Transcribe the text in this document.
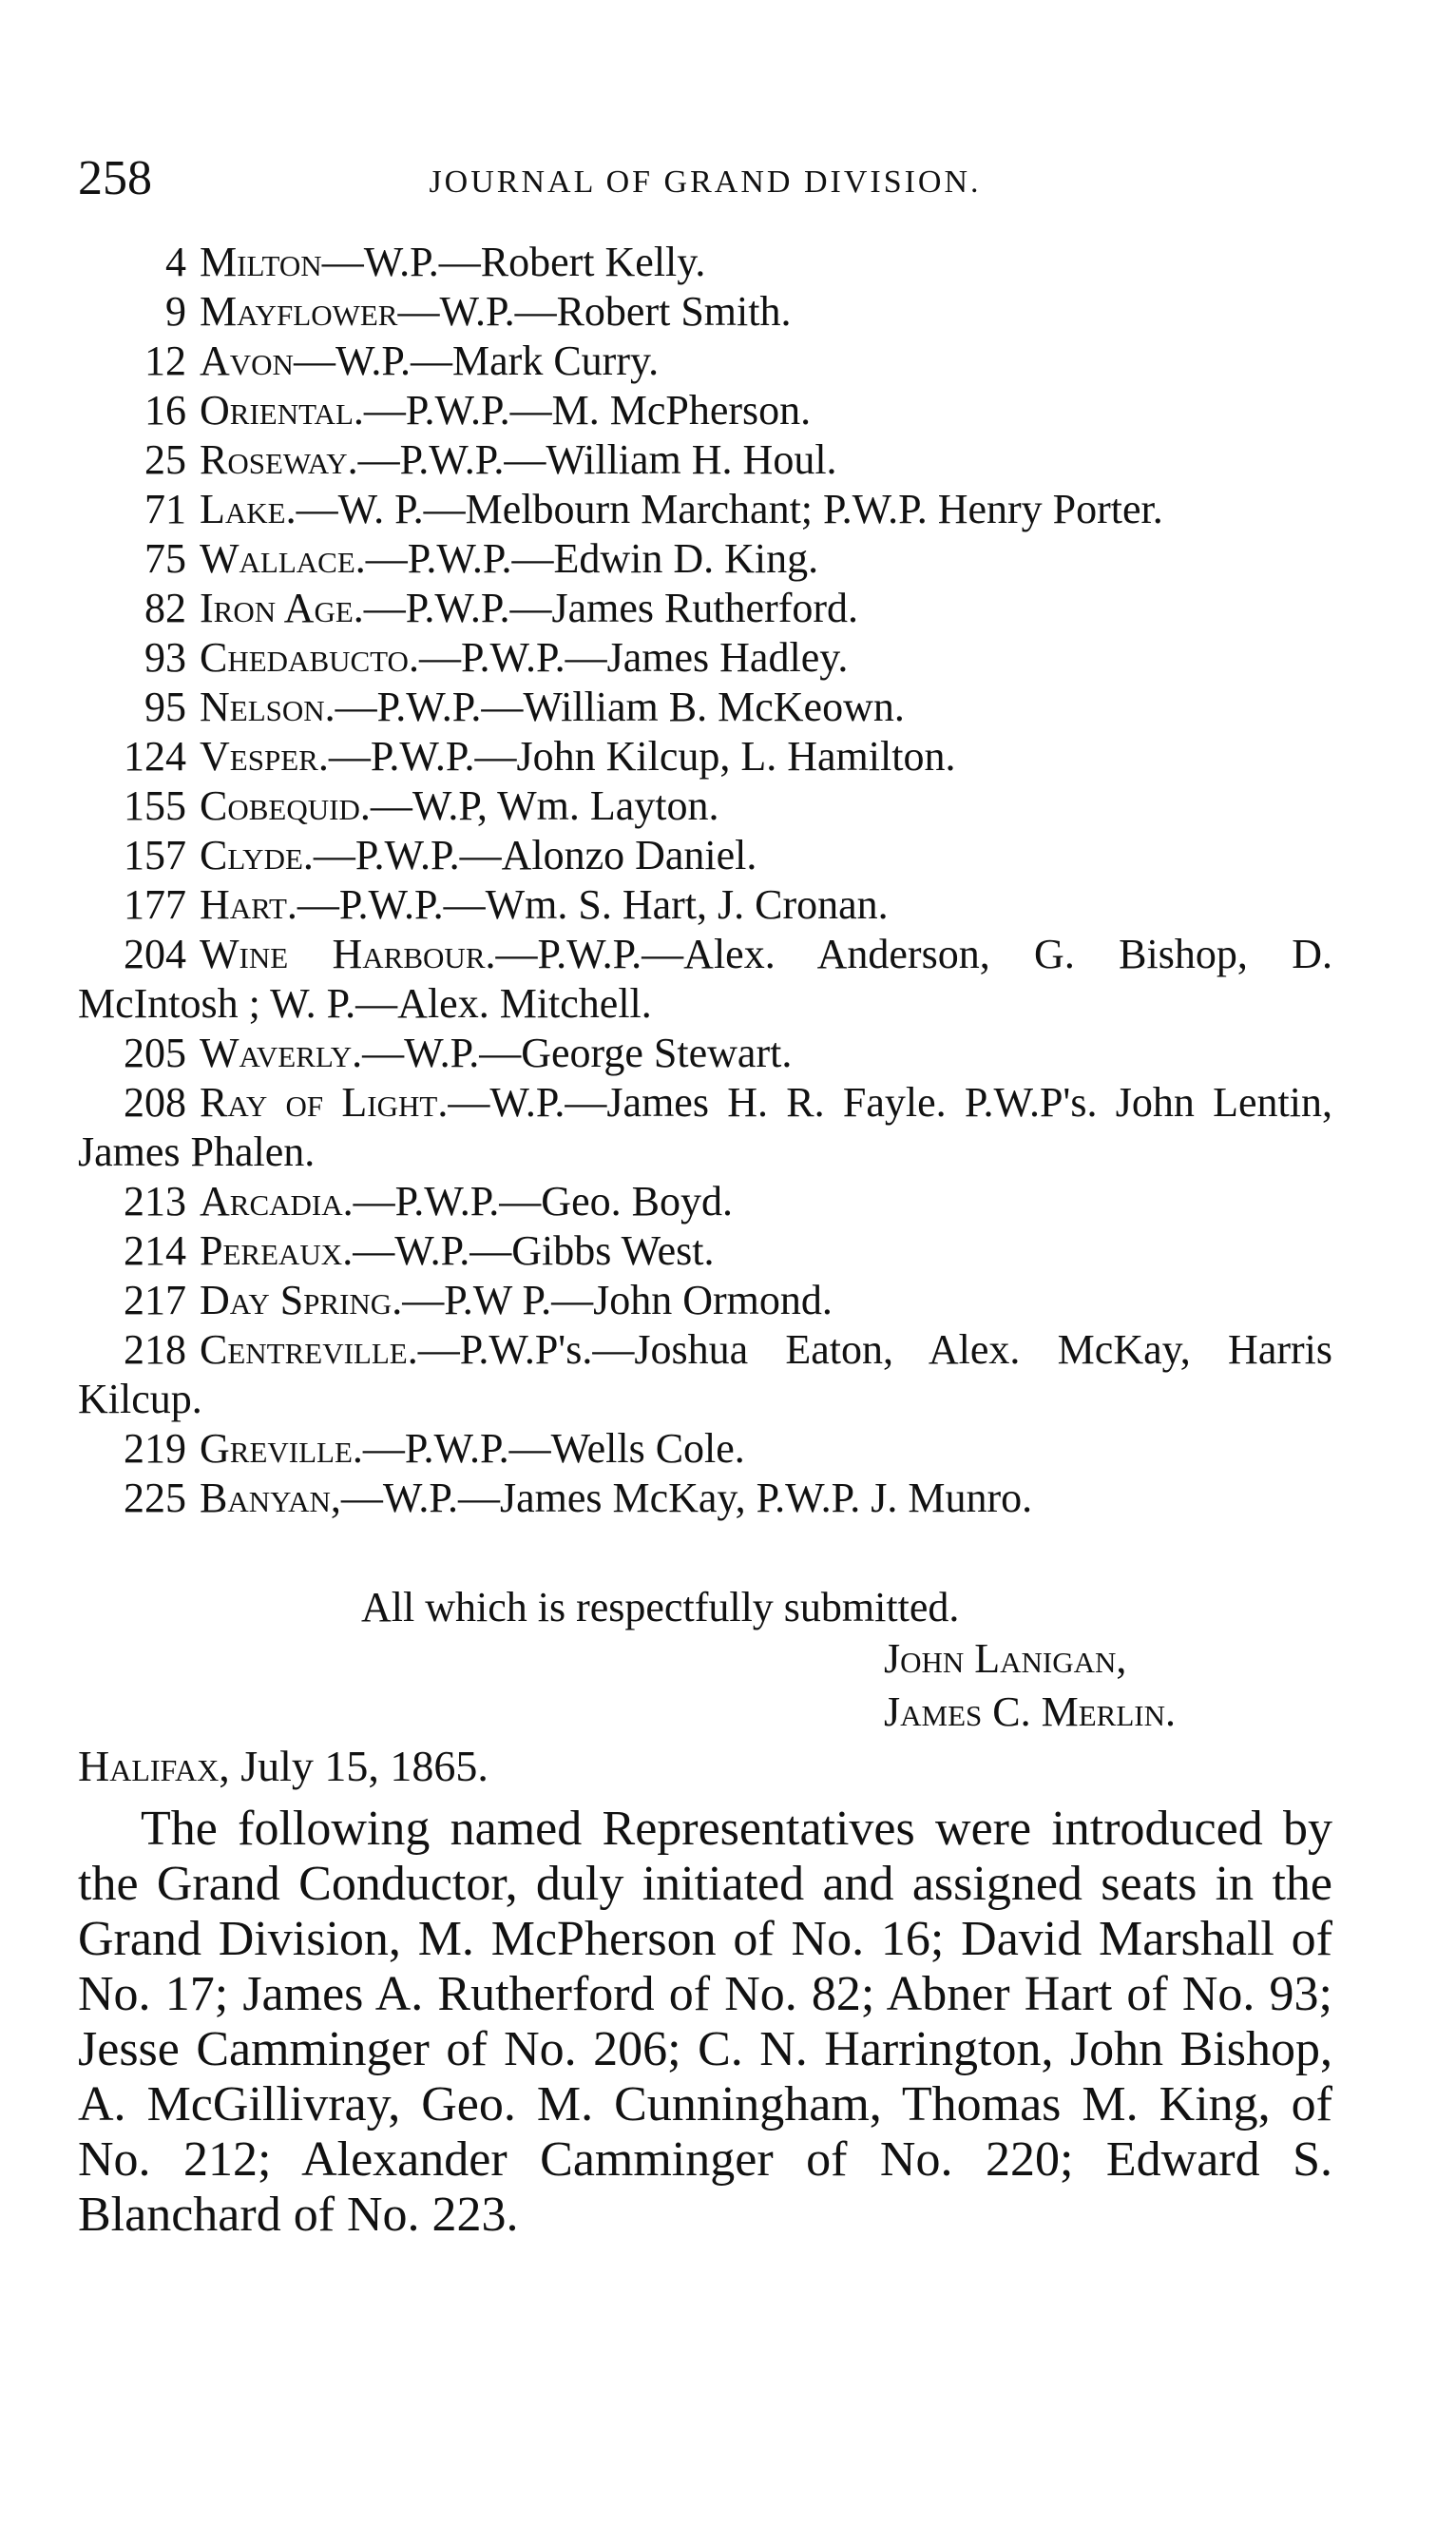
258	JOURNAL OF GRAND DIVISION.

4 Milton—W.P.—Robert Kelly.

9 Mayflower—W.P.—Robert Smith.

12 Avon—W.P.—Mark Curry.

16 Oriental.—P.W.P.—M. McPherson.

25 Roseway.—P.W.P.—William H. Houl.

71 Lake.—W. P.—Melbourn Marchant; P.W.P. Henry Porter.

75 Wallace.—P.W.P.—Edwin D. King.

82 Iron Age.—P.W.P.—James Rutherford.

93 Chedabucto.—P.W.P.—James Hadley.

95 Nelson.—P.W.P.—William B. McKeown.

124 Vesper.—P.W.P.—John Kilcup, L. Hamilton.

155 Cobequid.—W.P, Wm. Layton.

157 Clyde.—P.W.P.—Alonzo Daniel.

177 Hart.—P.W.P.—Wm. S. Hart, J. Cronan.

204 Wine Harbour.—P.W.P.—Alex. Anderson, G. Bishop, D. McIntosh ; W. P.—Alex. Mitchell.

205 Waverly.—W.P.—George Stewart.

208 Ray of Light.—W.P.—James H. R. Fayle. P.W.P's. John Lentin, James Phalen.

213 Arcadia.—P.W.P.—Geo. Boyd.

214 Pereaux.—W.P.—Gibbs West.

217 Day Spring.—P.W P.—John Ormond.

218 Centreville.—P.W.P's.—Joshua Eaton, Alex. McKay, Harris Kilcup.

219 Greville.—P.W.P.—Wells Cole.

225 Banyan,—W.P.—James McKay, P.W.P. J. Munro.

All which is respectfully submitted.
John Lanigan,
James C. Merlin.
Halifax, July 15, 1865.

The following named Representatives were introduced by the Grand Conductor, duly initiated and assigned seats in the Grand Division, M. McPherson of No. 16; David Marshall of No. 17; James A. Rutherford of No. 82; Abner Hart of No. 93; Jesse Camminger of No. 206; C. N. Harrington, John Bishop, A. McGillivray, Geo. M. Cunningham, Thomas M. King, of No. 212; Alexander Camminger of No. 220; Edward S. Blanchard of No. 223.
